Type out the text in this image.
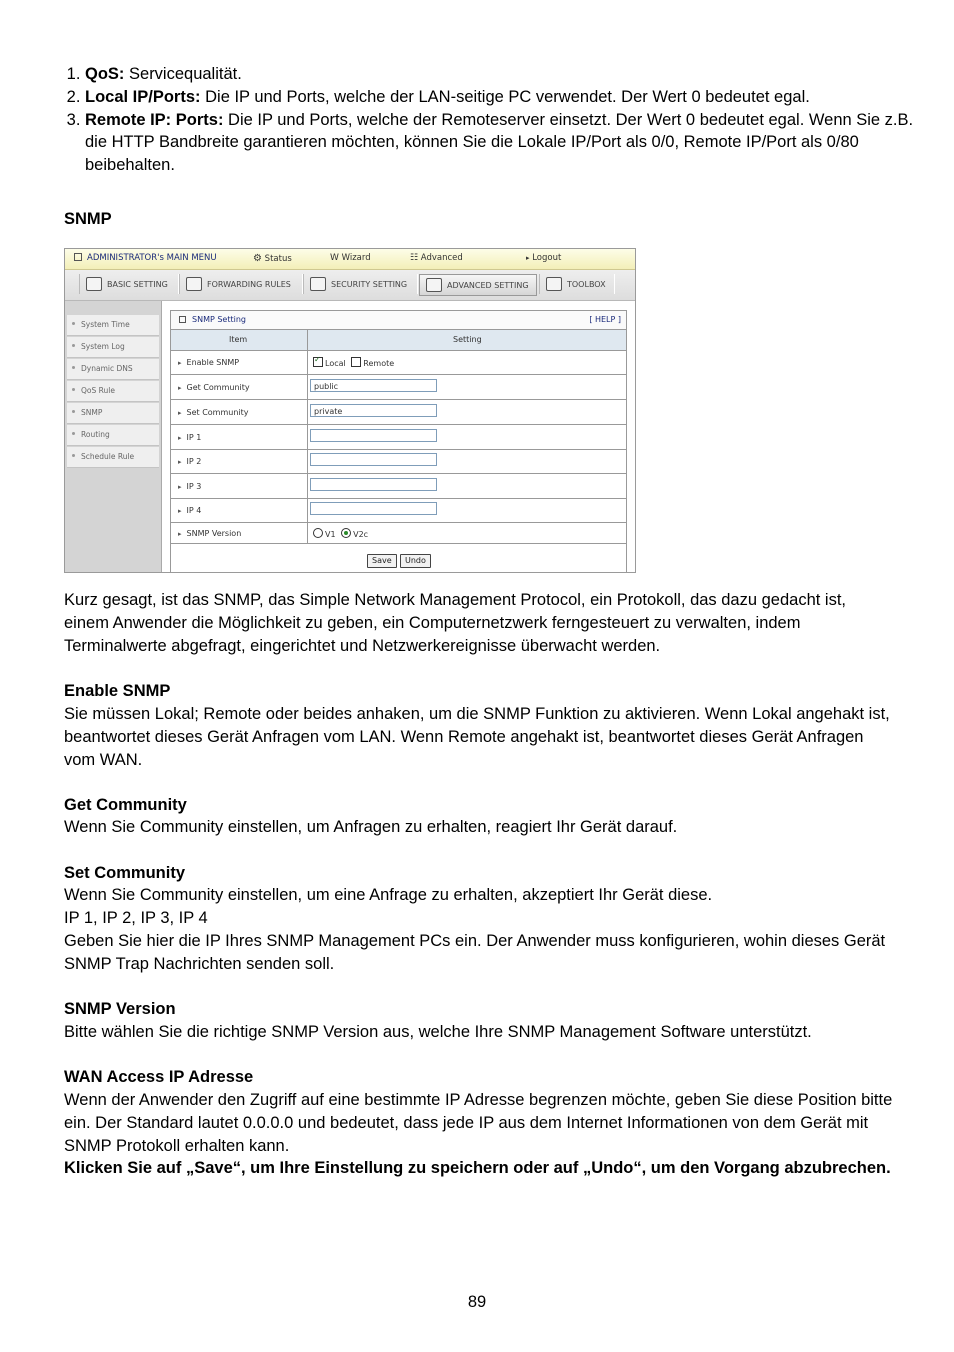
1. QoS: Servicequalität.
2. Local IP/Ports: Die IP und Ports, welche der LAN-seitige PC verwendet. Der Wert 0 bedeutet egal.
3. Remote IP: Ports: Die IP und Ports, welche der Remoteserver einsetzt. Der Wert 0 bedeutet egal. Wenn Sie z.B. die HTTP Bandbreite garantieren möchten, können Sie die Lokale IP/Port als 0/0, Remote IP/Port als 0/80 beibehalten.
SNMP
ADMINISTRATOR's MAIN MENU	⚙ Status	W Wizard	☷ Advanced	▸ Logout
BASIC SETTING	FORWARDING RULES	SECURITY SETTING	ADVANCED SETTING	TOOLBOX
System Time
System Log
Dynamic DNS
QoS Rule
SNMP
Routing
Schedule Rule
SNMP Setting	[ HELP ]
Item	Setting
▸ Enable SNMP
✓	Local Remote
▸ Get Community	public
▸ Set Community	private
▸ IP 1
▸ IP 2
▸ IP 3
▸ IP 4
▸ SNMP Version	V1 V2c
Save	Undo
Kurz gesagt, ist das SNMP, das Simple Network Management Protocol, ein Protokoll, das dazu gedacht ist, einem Anwender die Möglichkeit zu geben, ein Computernetzwerk ferngesteuert zu verwalten, indem Terminalwerte abgefragt, eingerichtet und Netzwerkereignisse überwacht werden.
Enable SNMP
Sie müssen Lokal; Remote oder beides anhaken, um die SNMP Funktion zu aktivieren. Wenn Lokal angehakt ist, beantwortet dieses Gerät Anfragen vom LAN. Wenn Remote angehakt ist, beantwortet dieses Gerät Anfragen vom WAN.
Get Community
Wenn Sie Community einstellen, um Anfragen zu erhalten, reagiert Ihr Gerät darauf.
Set Community
Wenn Sie Community einstellen, um eine Anfrage zu erhalten, akzeptiert Ihr Gerät diese.
IP 1, IP 2, IP 3, IP 4
Geben Sie hier die IP Ihres SNMP Management PCs ein. Der Anwender muss konfigurieren, wohin dieses Gerät SNMP Trap Nachrichten senden soll.
SNMP Version
Bitte wählen Sie die richtige SNMP Version aus, welche Ihre SNMP Management Software unterstützt.
WAN Access IP Adresse
Wenn der Anwender den Zugriff auf eine bestimmte IP Adresse begrenzen möchte, geben Sie diese Position bitte ein. Der Standard lautet 0.0.0.0 und bedeutet, dass jede IP aus dem Internet Informationen von dem Gerät mit SNMP Protokoll erhalten kann.
Klicken Sie auf „Save“, um Ihre Einstellung zu speichern oder auf „Undo“, um den Vorgang abzubrechen.
89
